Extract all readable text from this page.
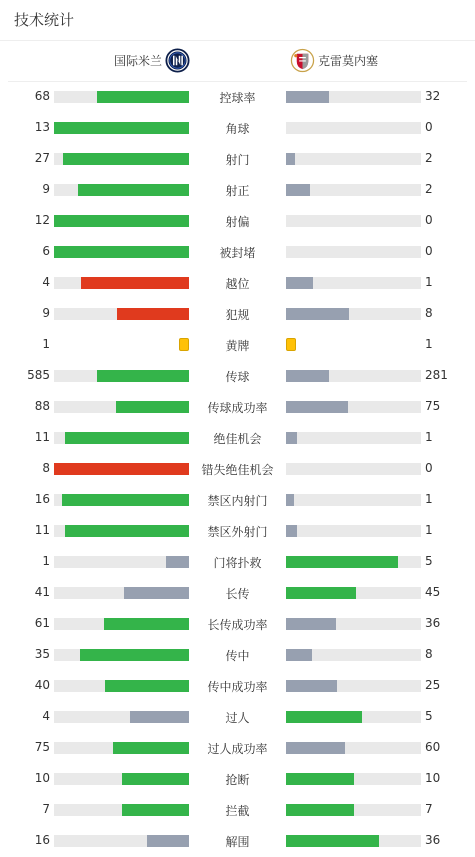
技术统计
国际米兰	克雷莫内塞
68	控球率	32
13	角球	0
27	射门	2
9	射正	2
12	射偏	0
6	被封堵	0
4	越位	1
9	犯规	8
1	黄牌	1
585	传球	281
88	传球成功率	75
11	绝佳机会	1
8	错失绝佳机会	0
16	禁区内射门	1
11	禁区外射门	1
1	门将扑救	5
41	长传	45
61	长传成功率	36
35	传中	8
40	传中成功率	25
4	过人	5
75	过人成功率	60
10	抢断	10
7	拦截	7
16	解围	36
